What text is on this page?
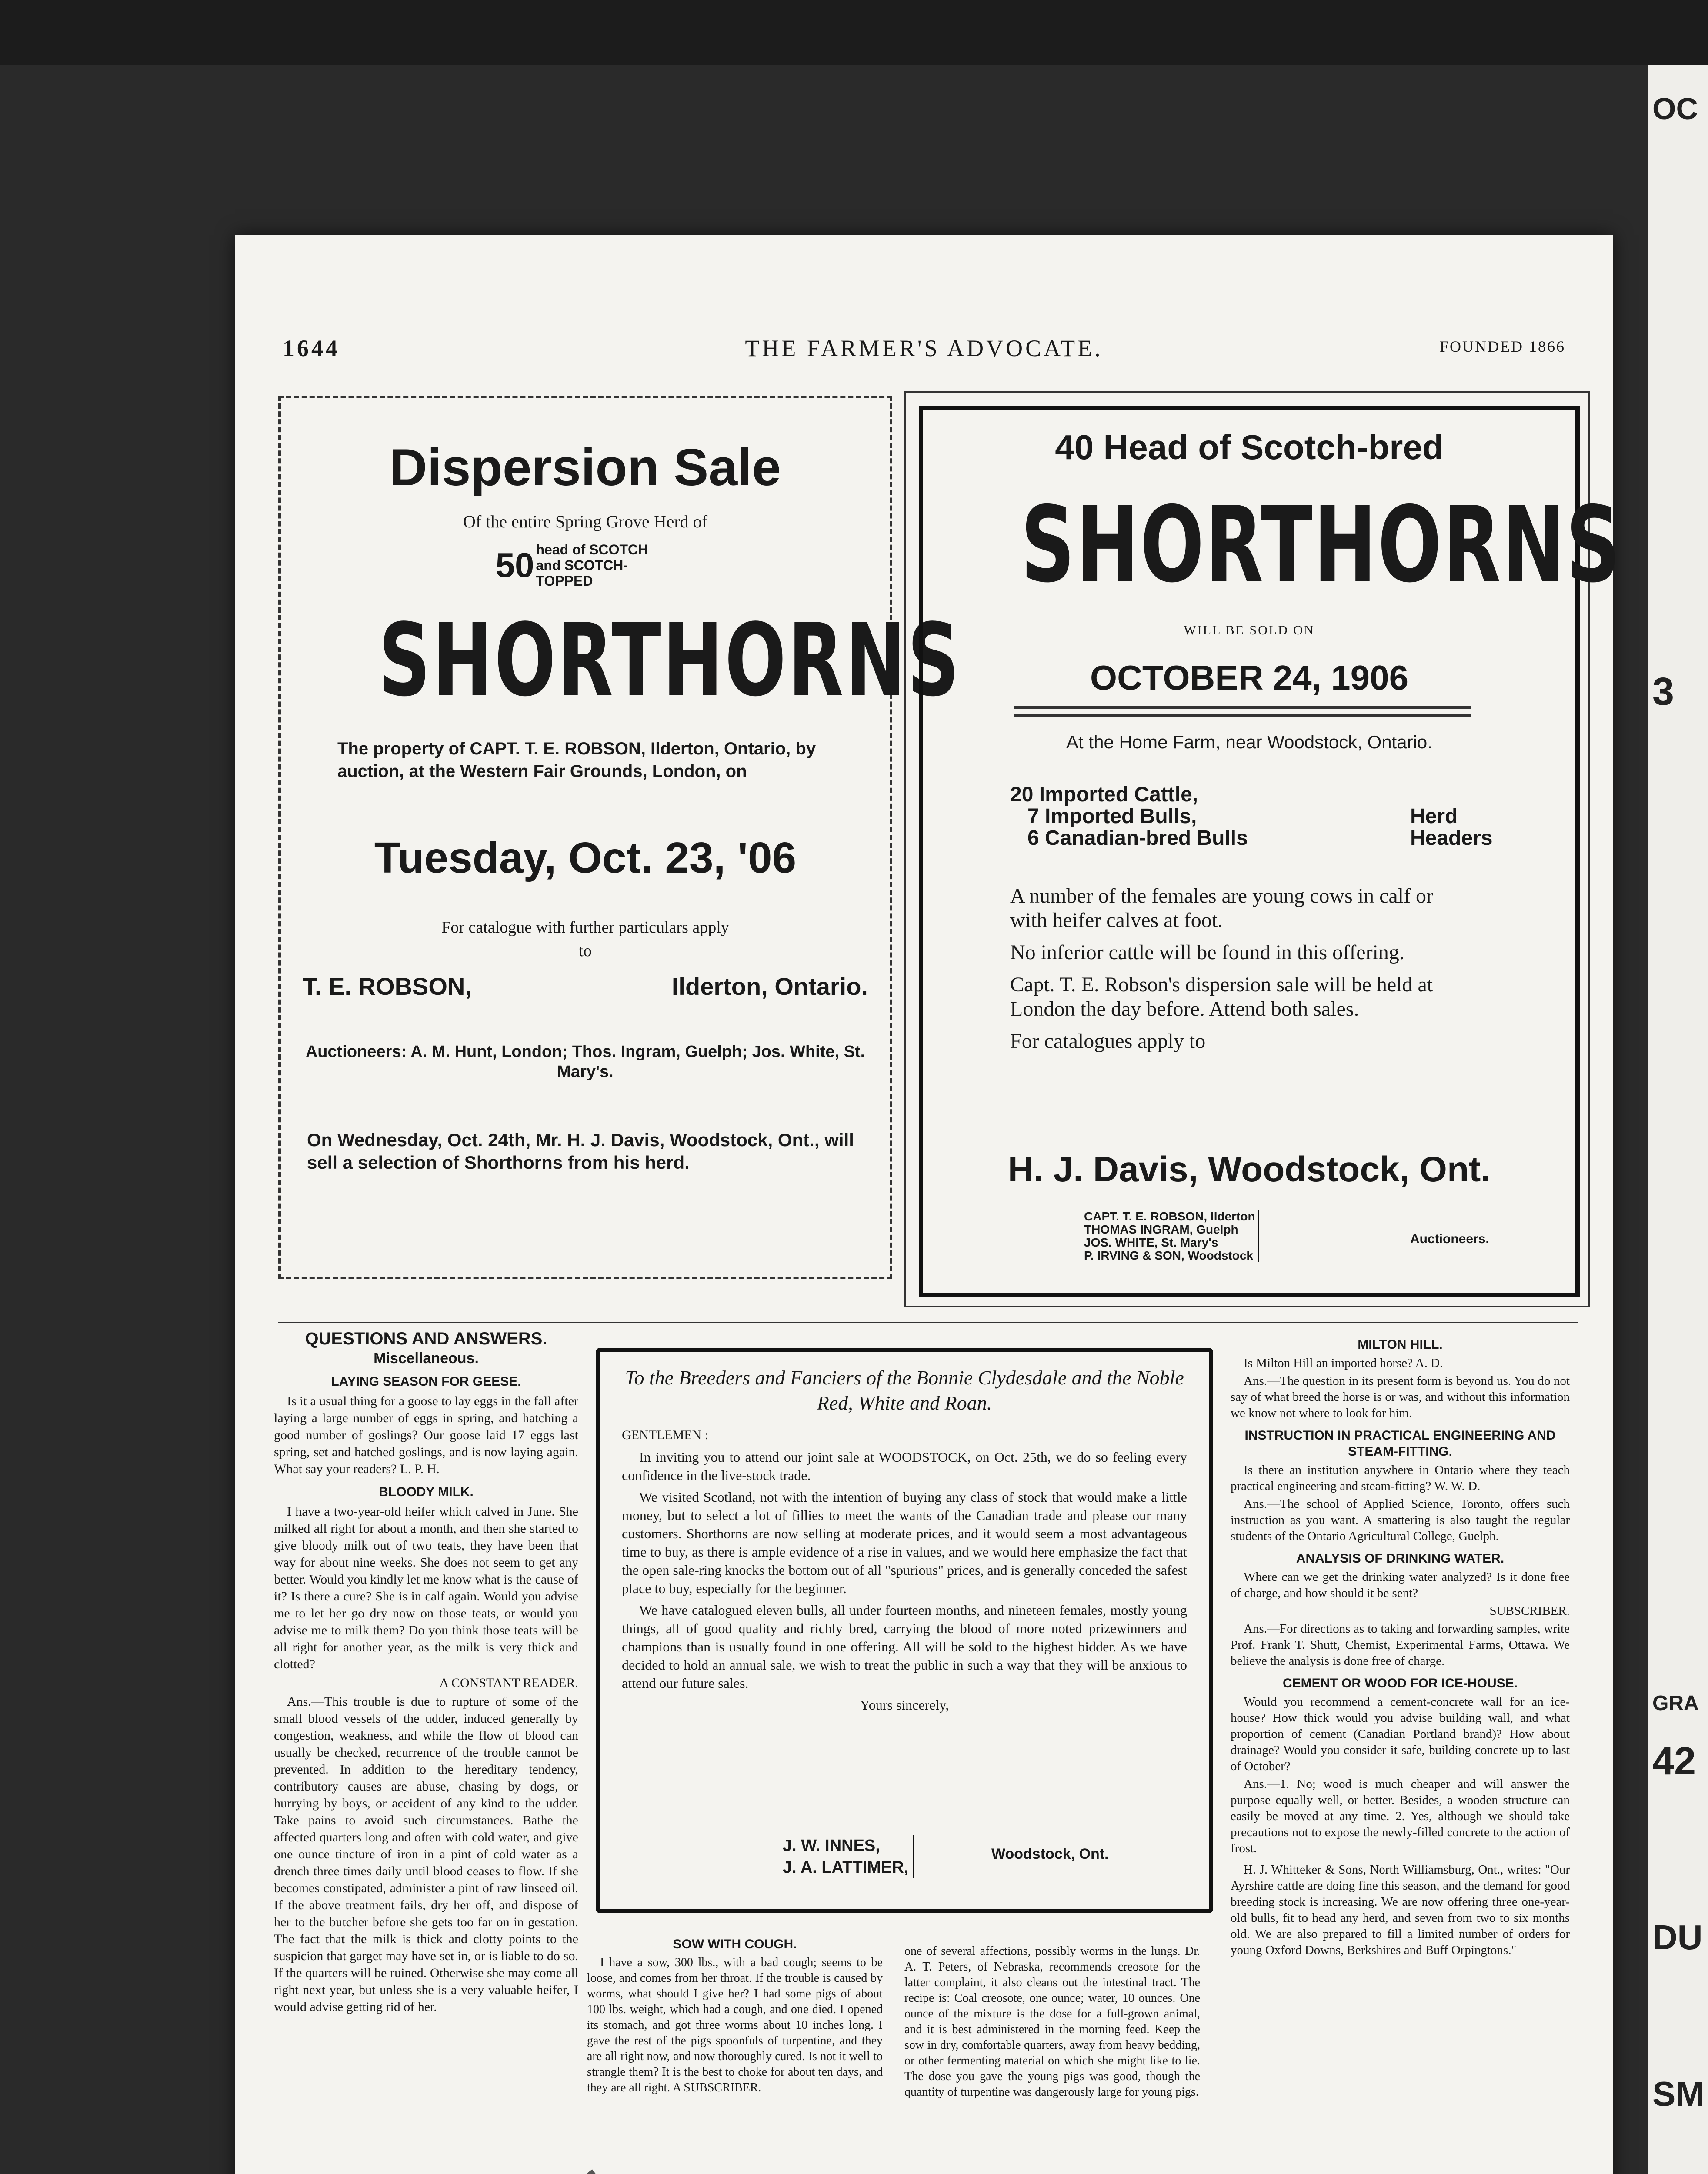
OC
3
GRA
42
DU
SM
1644	THE FARMER'S ADVOCATE.	FOUNDED 1866
Dispersion Sale
Of the entire Spring Grove Herd of
50 head of SCOTCH and SCOTCH-TOPPED
SHORTHORNS
The property of CAPT. T. E. ROBSON, Ilderton, Ontario, by auction, at the Western Fair Grounds, London, on
Tuesday, Oct. 23, '06
For catalogue with further particulars apply to
T. E. ROBSON,	Ilderton, Ontario.
Auctioneers: A. M. Hunt, London; Thos. Ingram, Guelph; Jos. White, St. Mary's.
On Wednesday, Oct. 24th, Mr. H. J. Davis, Woodstock, Ont., will sell a selection of Shorthorns from his herd.
40 Head of Scotch-bred
SHORTHORNS
WILL BE SOLD ON
OCTOBER 24, 1906
At the Home Farm, near Woodstock, Ontario.
20 Imported Cattle,
7 Imported Bulls,
6 Canadian-bred Bulls
Herd
Headers

A number of the females are young cows in calf or with heifer calves at foot.

No inferior cattle will be found in this offering.

Capt. T. E. Robson's dispersion sale will be held at London the day before. Attend both sales.

For catalogues apply to

H. J. Davis, Woodstock, Ont.
CAPT. T. E. ROBSON, Ilderton
THOMAS INGRAM, Guelph
JOS. WHITE, St. Mary's
P. IRVING & SON, Woodstock
Auctioneers.
QUESTIONS AND ANSWERS.
Miscellaneous.
LAYING SEASON FOR GEESE.

Is it a usual thing for a goose to lay eggs in the fall after laying a large number of eggs in spring, and hatching a good number of goslings? Our goose laid 17 eggs last spring, set and hatched goslings, and is now laying again. What say your readers? L. P. H.

BLOODY MILK.

I have a two-year-old heifer which calved in June. She milked all right for about a month, and then she started to give bloody milk out of two teats, they have been that way for about nine weeks. She does not seem to get any better. Would you kindly let me know what is the cause of it? Is there a cure? She is in calf again. Would you advise me to let her go dry now on those teats, or would you advise me to milk them? Do you think those teats will be all right for another year, as the milk is very thick and clotted?

A CONSTANT READER.

Ans.—This trouble is due to rupture of some of the small blood vessels of the udder, induced generally by congestion, weakness, and while the flow of blood can usually be checked, recurrence of the trouble cannot be prevented. In addition to the hereditary tendency, contributory causes are abuse, chasing by dogs, or hurrying by boys, or accident of any kind to the udder. Take pains to avoid such circumstances. Bathe the affected quarters long and often with cold water, and give one ounce tincture of iron in a pint of cold water as a drench three times daily until blood ceases to flow. If she becomes constipated, administer a pint of raw linseed oil. If the above treatment fails, dry her off, and dispose of her to the butcher before she gets too far on in gestation. The fact that the milk is thick and clotty points to the suspicion that garget may have set in, or is liable to do so. If the quarters will be ruined. Otherwise she may come all right next year, but unless she is a very valuable heifer, I would advise getting rid of her.

To the Breeders and Fanciers of the Bonnie Clydesdale and the Noble Red, White and Roan.
GENTLEMEN :

In inviting you to attend our joint sale at WOODSTOCK, on Oct. 25th, we do so feeling every confidence in the live-stock trade.

We visited Scotland, not with the intention of buying any class of stock that would make a little money, but to select a lot of fillies to meet the wants of the Canadian trade and please our many customers. Shorthorns are now selling at moderate prices, and it would seem a most advantageous time to buy, as there is ample evidence of a rise in values, and we would here emphasize the fact that the open sale-ring knocks the bottom out of all "spurious" prices, and is generally conceded the safest place to buy, especially for the beginner.

We have catalogued eleven bulls, all under fourteen months, and nineteen females, mostly young things, all of good quality and richly bred, carrying the blood of more noted prizewinners and champions than is usually found in one offering. All will be sold to the highest bidder. As we have decided to hold an annual sale, we wish to treat the public in such a way that they will be anxious to attend our future sales.

Yours sincerely,

J. W. INNES,
J. A. LATTIMER,
Woodstock, Ont.
SOW WITH COUGH.

I have a sow, 300 lbs., with a bad cough; seems to be loose, and comes from her throat. If the trouble is caused by worms, what should I give her? I had some pigs of about 100 lbs. weight, which had a cough, and one died. I opened its stomach, and got three worms about 10 inches long. I gave the rest of the pigs spoonfuls of turpentine, and they are all right now, and now thoroughly cured. Is not it well to strangle them? It is the best to choke for about ten days, and they are all right. A SUBSCRIBER.

one of several affections, possibly worms in the lungs. Dr. A. T. Peters, of Nebraska, recommends creosote for the latter complaint, it also cleans out the intestinal tract. The recipe is: Coal creosote, one ounce; water, 10 ounces. One ounce of the mixture is the dose for a full-grown animal, and it is best administered in the morning feed. Keep the sow in dry, comfortable quarters, away from heavy bedding, or other fermenting material on which she might like to lie. The dose you gave the young pigs was good, though the quantity of turpentine was dangerously large for young pigs.

MILTON HILL.

Is Milton Hill an imported horse? A. D.

Ans.—The question in its present form is beyond us. You do not say of what breed the horse is or was, and without this information we know not where to look for him.

INSTRUCTION IN PRACTICAL ENGINEERING AND STEAM-FITTING.

Is there an institution anywhere in Ontario where they teach practical engineering and steam-fitting? W. W. D.

Ans.—The school of Applied Science, Toronto, offers such instruction as you want. A smattering is also taught the regular students of the Ontario Agricultural College, Guelph.

ANALYSIS OF DRINKING WATER.

Where can we get the drinking water analyzed? Is it done free of charge, and how should it be sent?

SUBSCRIBER.

Ans.—For directions as to taking and forwarding samples, write Prof. Frank T. Shutt, Chemist, Experimental Farms, Ottawa. We believe the analysis is done free of charge.

CEMENT OR WOOD FOR ICE-HOUSE.

Would you recommend a cement-concrete wall for an ice-house? How thick would you advise building wall, and what proportion of cement (Canadian Portland brand)? How about drainage? Would you consider it safe, building concrete up to last of October?

Ans.—1. No; wood is much cheaper and will answer the purpose equally well, or better. Besides, a wooden structure can easily be moved at any time. 2. Yes, although we should take precautions not to expose the newly-filled concrete to the action of frost.

H. J. Whitteker & Sons, North Williamsburg, Ont., writes: "Our Ayrshire cattle are doing fine this season, and the demand for good breeding stock is increasing. We are now offering three one-year-old bulls, fit to head any herd, and seven from two to six months old. We are also prepared to fill a limited number of orders for young Oxford Downs, Berkshires and Buff Orpingtons."
